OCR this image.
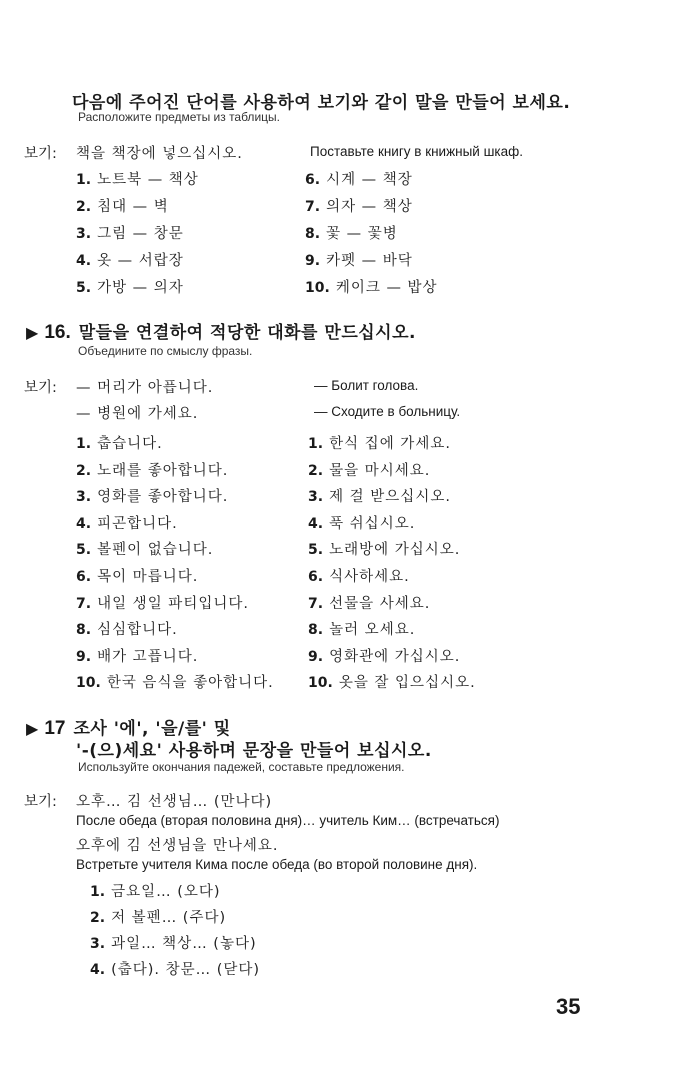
다음에 주어진 단어를 사용하여 보기와 같이 말을 만들어 보세요.
Расположите предметы из таблицы.
보기: 책을 책장에 넣으십시오.	Поставьте книгу в книжный шкаф.
1. 노트북 — 책상
2. 침대 — 벽
3. 그림 — 창문
4. 옷 — 서랍장
5. 가방 — 의자
6. 시계 — 책장
7. 의자 — 책상
8. 꽃 — 꽃병
9. 카펫 — 바닥
10. 케이크 — 밥상
▶ 16. 말들을 연결하여 적당한 대화를 만드십시오.
Объедините по смыслу фразы.
보기: — 머리가 아픕니다.
— 병원에 가세요.
— Болит голова.
— Сходите в больницу.
1. 춥습니다.
2. 노래를 좋아합니다.
3. 영화를 좋아합니다.
4. 피곤합니다.
5. 볼펜이 없습니다.
6. 목이 마릅니다.
7. 내일 생일 파티입니다.
8. 심심합니다.
9. 배가 고픕니다.
10. 한국 음식을 좋아합니다.
1. 한식 집에 가세요.
2. 물을 마시세요.
3. 제 걸 받으십시오.
4. 푹 쉬십시오.
5. 노래방에 가십시오.
6. 식사하세요.
7. 선물을 사세요.
8. 놀러 오세요.
9. 영화관에 가십시오.
10. 옷을 잘 입으십시오.
▶ 17 조사 '에', '을/를' 및
'-(으)세요' 사용하며 문장을 만들어 보십시오.
Используйте окончания падежей, составьте предложения.
보기: 오후… 김 선생님… (만나다)
После обеда (вторая половина дня)… учитель Ким… (встречаться)
오후에 김 선생님을 만나세요.
Встретьте учителя Кима после обеда (во второй половине дня).
1. 금요일… (오다)
2. 저 볼펜… (주다)
3. 과일… 책상… (놓다)
4. (춥다). 창문… (닫다)
35
